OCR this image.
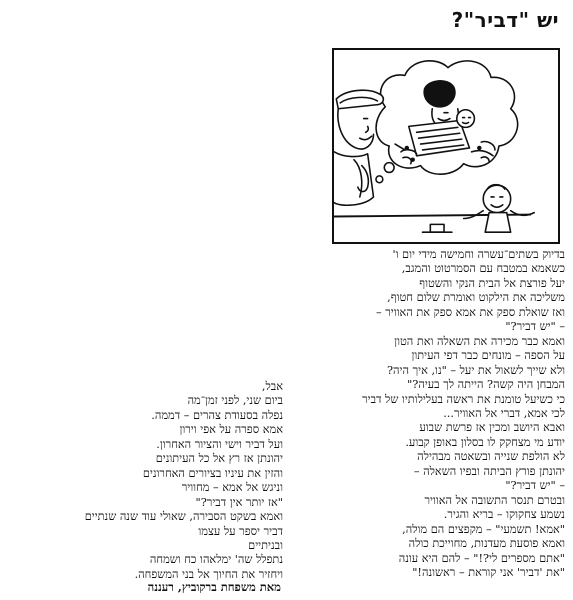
יש "דביר"?
בדיוק בשתים־עשרה וחמישה מידי יום ו'
כשאמא במטבח עם הסמרטוט והמגב,
יעל פורצת אל הבית הנקי והשטוף
משליכה את הילקוט ואומרת שלום חטוף,
ואז שואלת ספק את אמא ספק את האוויר –
– "יש דביר?"
ואמא כבר מכירה את השאלה ואת הטון
על הספה – מונחים כבר דפי העיתון
ולא שייך לשאול את יעל – "נו, איך היה?
המבחן היה קשה? הייתה לך בעיה?"
כי כשיעל טומנת את ראשה בעלילותיו של דביר
לכי אמא, דברי אל האוויר...
ואבא היושב ומכין אז פרשת שבוע
יודע מי מצחקק לו בסלון באופן קבוע.
לא הולפת שנייה ובשאטה מבהילה
יהונתן פורץ הביתה ובפיו השאלה –
– "יש דביר?"
ובטרם תנסר התשובה אל האוויר
נשמע צחקוקו – בריא והגיר.
"אמא! תשמעי" – מקפצים הם מולה,
ואמא פוסעת מעדנות, מחוייכת כולה
"אתם מספרים לי?!" – להם היא עונה
"את 'דביר' אני קוראת – ראשונה!"
אבל,
ביום שני, לפני זמן־מה
נפלה בסעודת צהרים – דממה.
אמא ספרה על אפי וירון
ועל דביר וישי והציור האחרון.
יהונתן אז רץ אל כל העיתונים
והזין את עיניו בציורים האחרונים
וניגש אל אמא – מחוויר
"אז יותר אין דביר?"
ואמא בשקט הסבירה, שאולי עוד שנה שנתיים
דביר יספר על עצמו
ובניתיים
נתפלל שה' ימלאהו כח ושמחה
ויחזיר את החיוך אל בני המשפחה.
מאת משפחת ברקוביץ, רעננה
